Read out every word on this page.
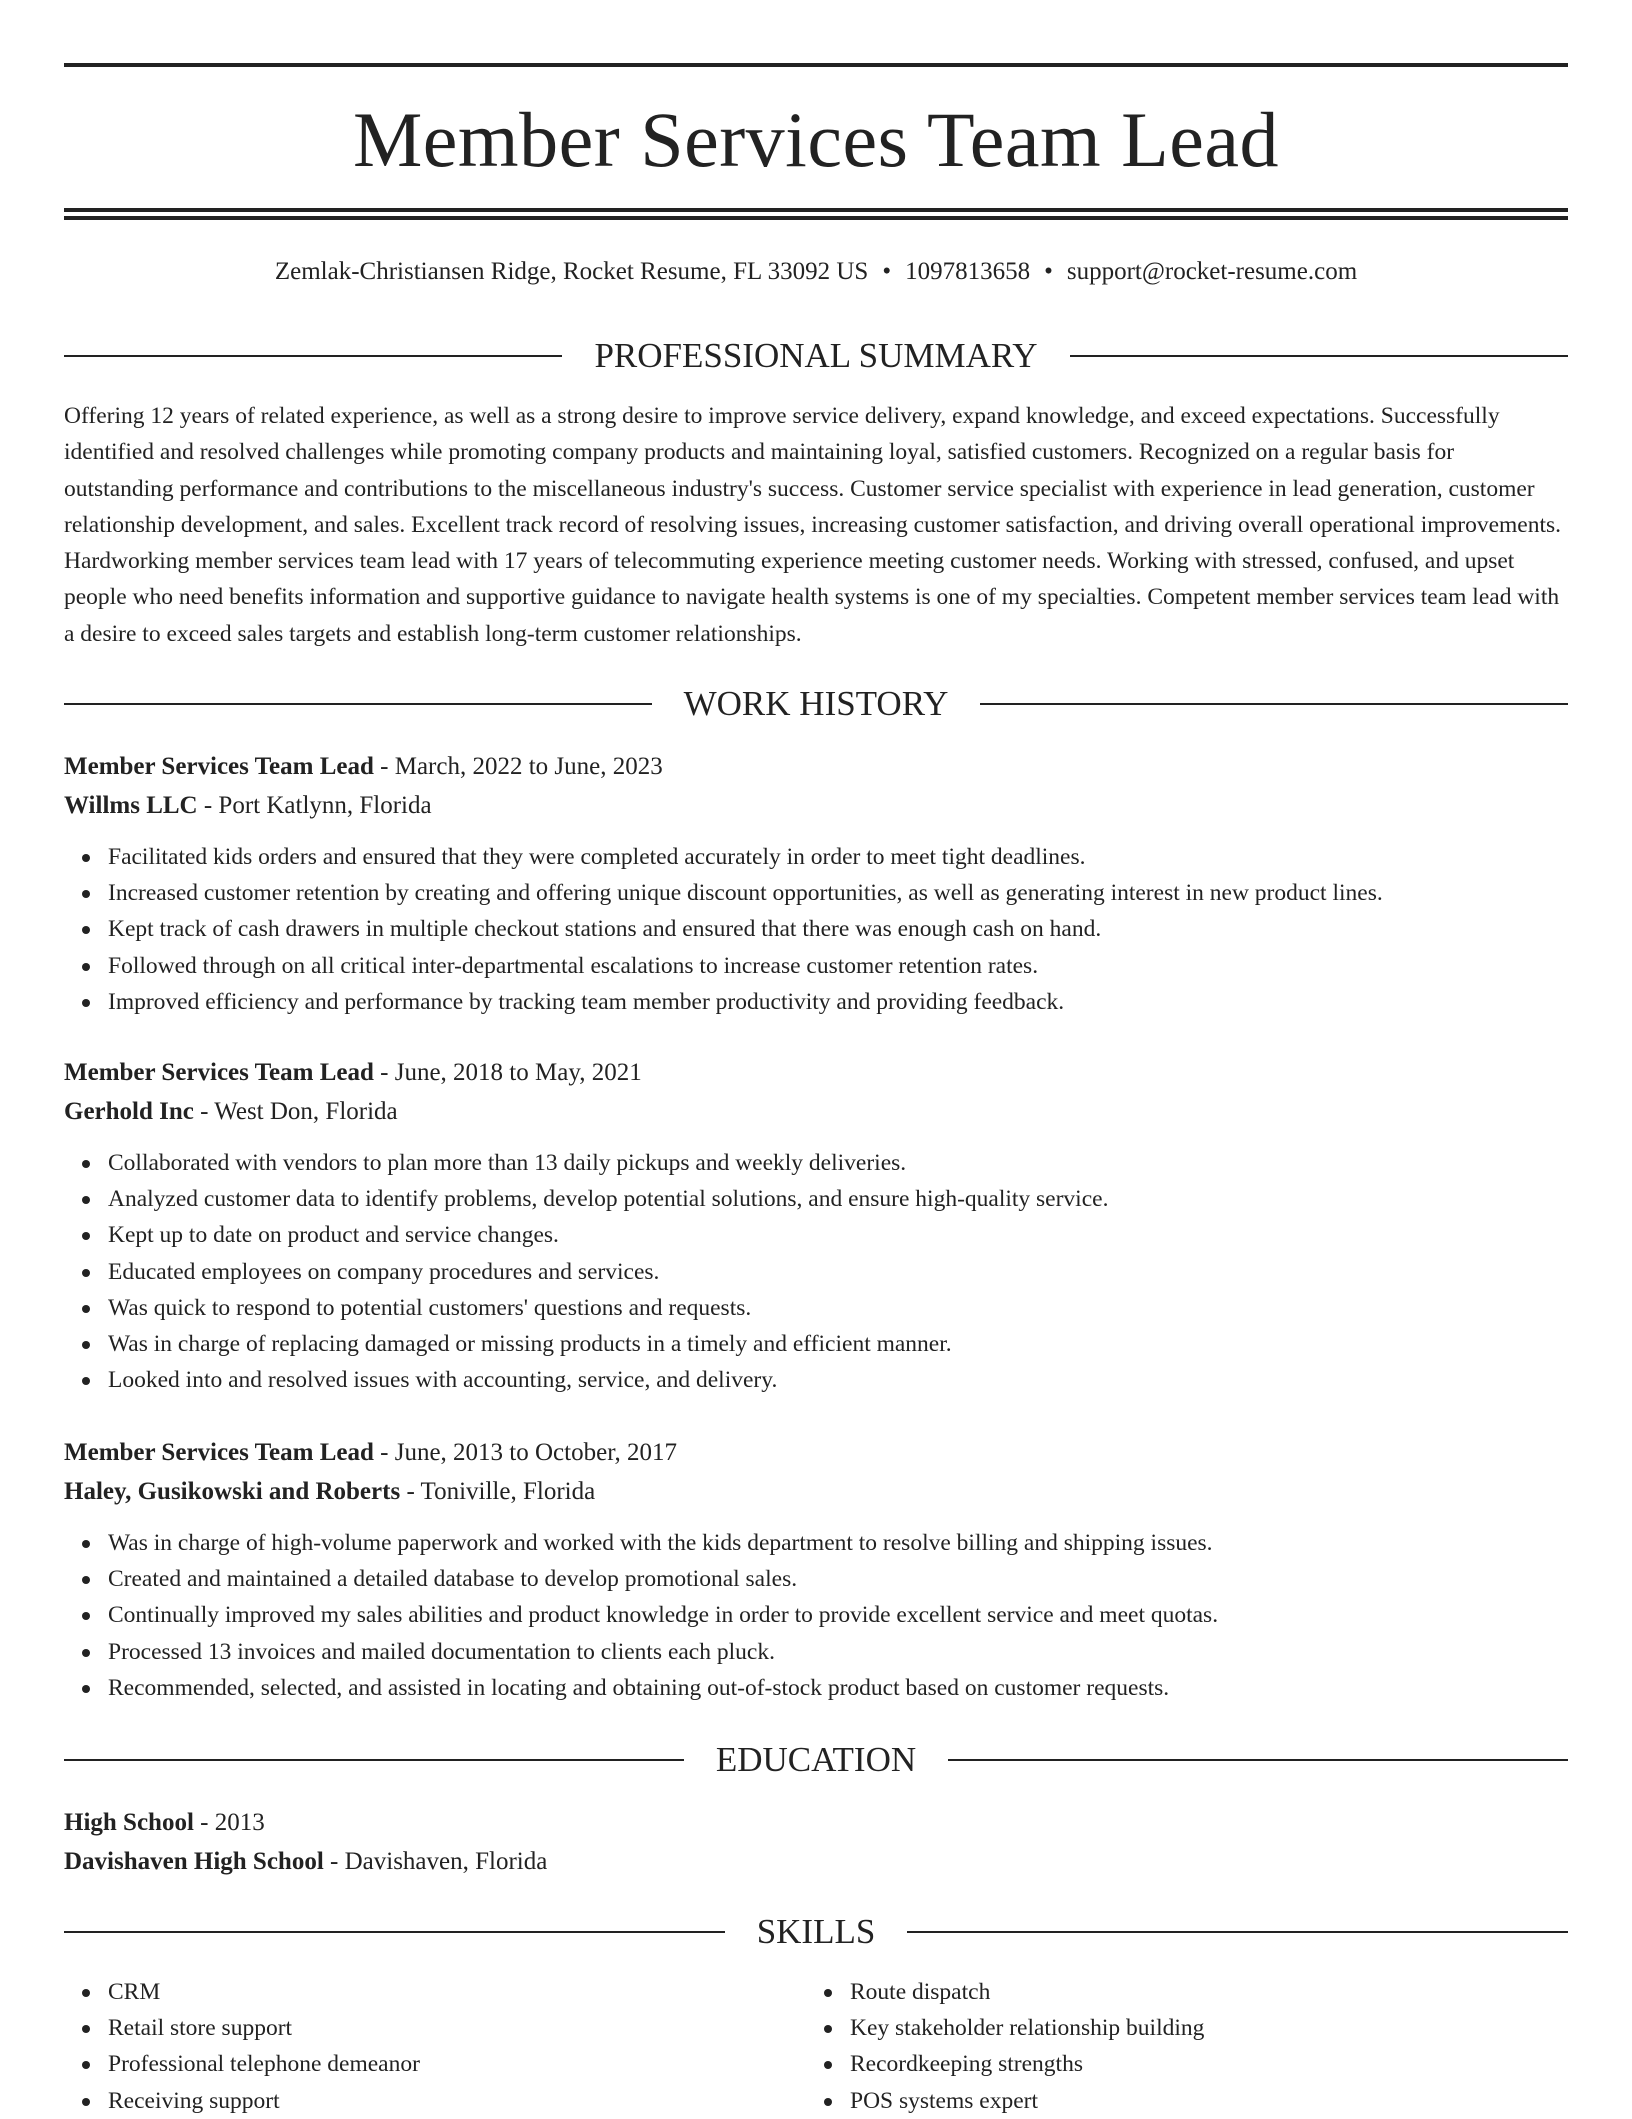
Member Services Team Lead
Zemlak-Christiansen Ridge, Rocket Resume, FL 33092 US • 1097813658 • support@rocket-resume.com
PROFESSIONAL SUMMARY

Offering 12 years of related experience, as well as a strong desire to improve service delivery, expand knowledge, and exceed expectations. Successfully identified and resolved challenges while promoting company products and maintaining loyal, satisfied customers. Recognized on a regular basis for outstanding performance and contributions to the miscellaneous industry's success. Customer service specialist with experience in lead generation, customer relationship development, and sales. Excellent track record of resolving issues, increasing customer satisfaction, and driving overall operational improvements. Hardworking member services team lead with 17 years of telecommuting experience meeting customer needs. Working with stressed, confused, and upset people who need benefits information and supportive guidance to navigate health systems is one of my specialties. Competent member services team lead with a desire to exceed sales targets and establish long-term customer relationships.

WORK HISTORY
Member Services Team Lead - March, 2022 to June, 2023
Willms LLC - Port Katlynn, Florida
Facilitated kids orders and ensured that they were completed accurately in order to meet tight deadlines.
Increased customer retention by creating and offering unique discount opportunities, as well as generating interest in new product lines.
Kept track of cash drawers in multiple checkout stations and ensured that there was enough cash on hand.
Followed through on all critical inter-departmental escalations to increase customer retention rates.
Improved efficiency and performance by tracking team member productivity and providing feedback.
Member Services Team Lead - June, 2018 to May, 2021
Gerhold Inc - West Don, Florida
Collaborated with vendors to plan more than 13 daily pickups and weekly deliveries.
Analyzed customer data to identify problems, develop potential solutions, and ensure high-quality service.
Kept up to date on product and service changes.
Educated employees on company procedures and services.
Was quick to respond to potential customers' questions and requests.
Was in charge of replacing damaged or missing products in a timely and efficient manner.
Looked into and resolved issues with accounting, service, and delivery.
Member Services Team Lead - June, 2013 to October, 2017
Haley, Gusikowski and Roberts - Toniville, Florida
Was in charge of high-volume paperwork and worked with the kids department to resolve billing and shipping issues.
Created and maintained a detailed database to develop promotional sales.
Continually improved my sales abilities and product knowledge in order to provide excellent service and meet quotas.
Processed 13 invoices and mailed documentation to clients each pluck.
Recommended, selected, and assisted in locating and obtaining out-of-stock product based on customer requests.
EDUCATION
High School - 2013
Davishaven High School - Davishaven, Florida
SKILLS
CRM
Retail store support
Professional telephone demeanor
Receiving support
Route dispatch
Key stakeholder relationship building
Recordkeeping strengths
POS systems expert
